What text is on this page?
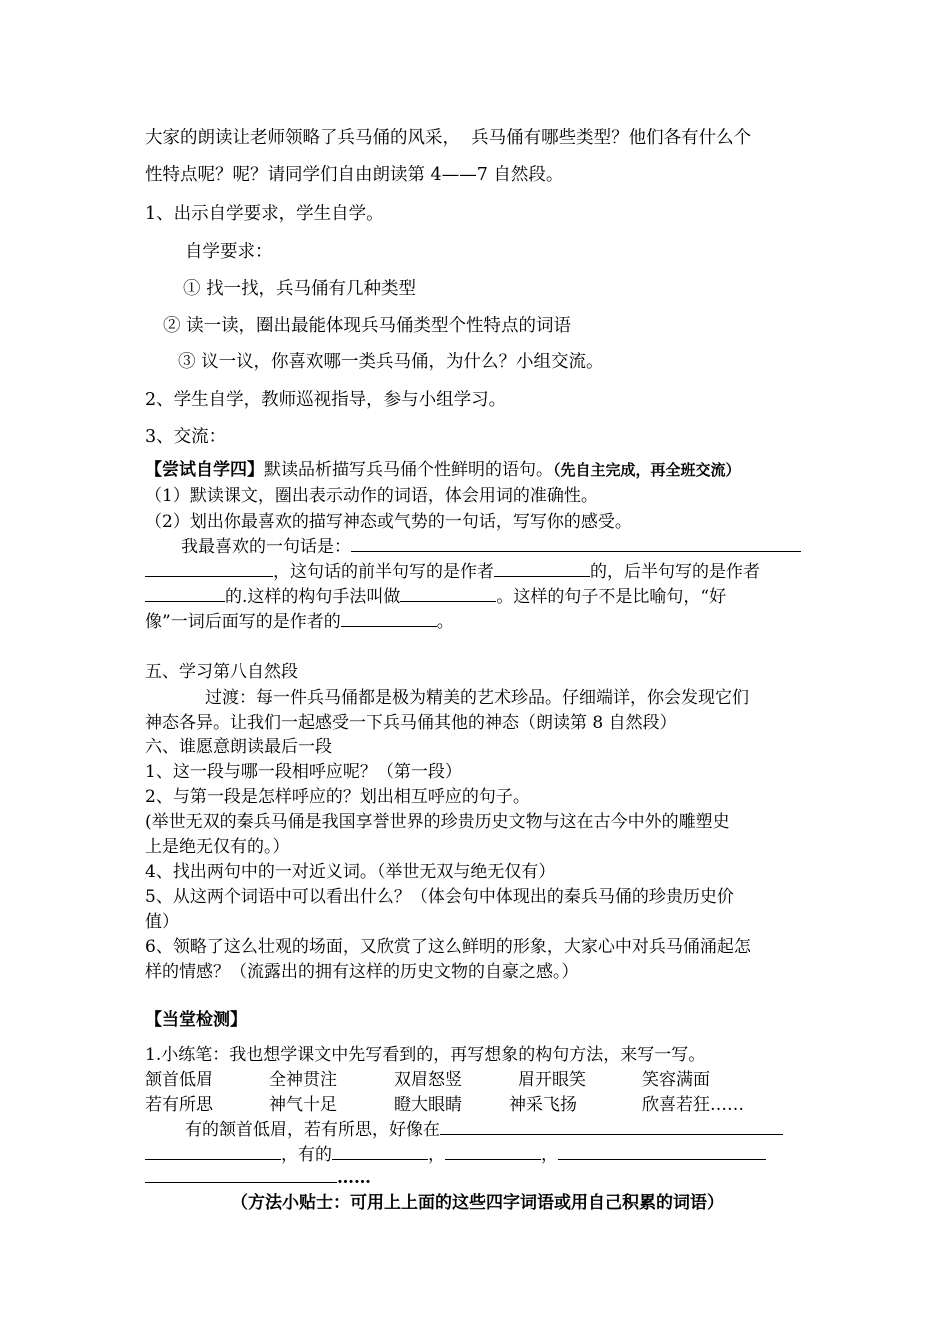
大家的朗读让老师领略了兵马俑的风采，  兵马俑有哪些类型？他们各有什么个
性特点呢？呢？请同学们自由朗读第 4——7 自然段。
1、出示自学要求，学生自学。
自学要求：
① 找一找，兵马俑有几种类型
② 读一读，圈出最能体现兵马俑类型个性特点的词语
③ 议一议，你喜欢哪一类兵马俑，为什么？小组交流。
2、学生自学，教师巡视指导，参与小组学习。
3、交流：
【尝试自学四】默读品析描写兵马俑个性鲜明的语句。（先自主完成，再全班交流）
（1）默读课文，圈出表示动作的词语，体会用词的准确性。
（2）划出你最喜欢的描写神态或气势的一句话，写写你的感受。
我最喜欢的一句话是：
，这句话的前半句写的是作者	的，后半句写的是作者
的.这样的构句手法叫做	。这样的句子不是比喻句，“好
像”一词后面写的是作者的	。
五、学习第八自然段
过渡：每一件兵马俑都是极为精美的艺术珍品。仔细端详，你会发现它们
神态各异。让我们一起感受一下兵马俑其他的神态（朗读第 8 自然段）
六、谁愿意朗读最后一段
1、这一段与哪一段相呼应呢？（第一段）
2、与第一段是怎样呼应的？划出相互呼应的句子。
(举世无双的秦兵马俑是我国享誉世界的珍贵历史文物与这在古今中外的雕塑史
上是绝无仅有的。）
4、找出两句中的一对近义词。（举世无双与绝无仅有）
5、从这两个词语中可以看出什么？（体会句中体现出的秦兵马俑的珍贵历史价
值）
6、领略了这么壮观的场面，又欣赏了这么鲜明的形象，大家心中对兵马俑涌起怎
样的情感？（流露出的拥有这样的历史文物的自豪之感。）
【当堂检测】
1.小练笔：我也想学课文中先写看到的，再写想象的构句方法，来写一写。
颔首低眉	全神贯注	双眉怒竖	眉开眼笑	笑容满面
若有所思	神气十足	瞪大眼睛	神采飞扬	欣喜若狂……
有的颔首低眉，若有所思，好像在
，有的	，	，
……
（方法小贴士：可用上上面的这些四字词语或用自己积累的词语）
